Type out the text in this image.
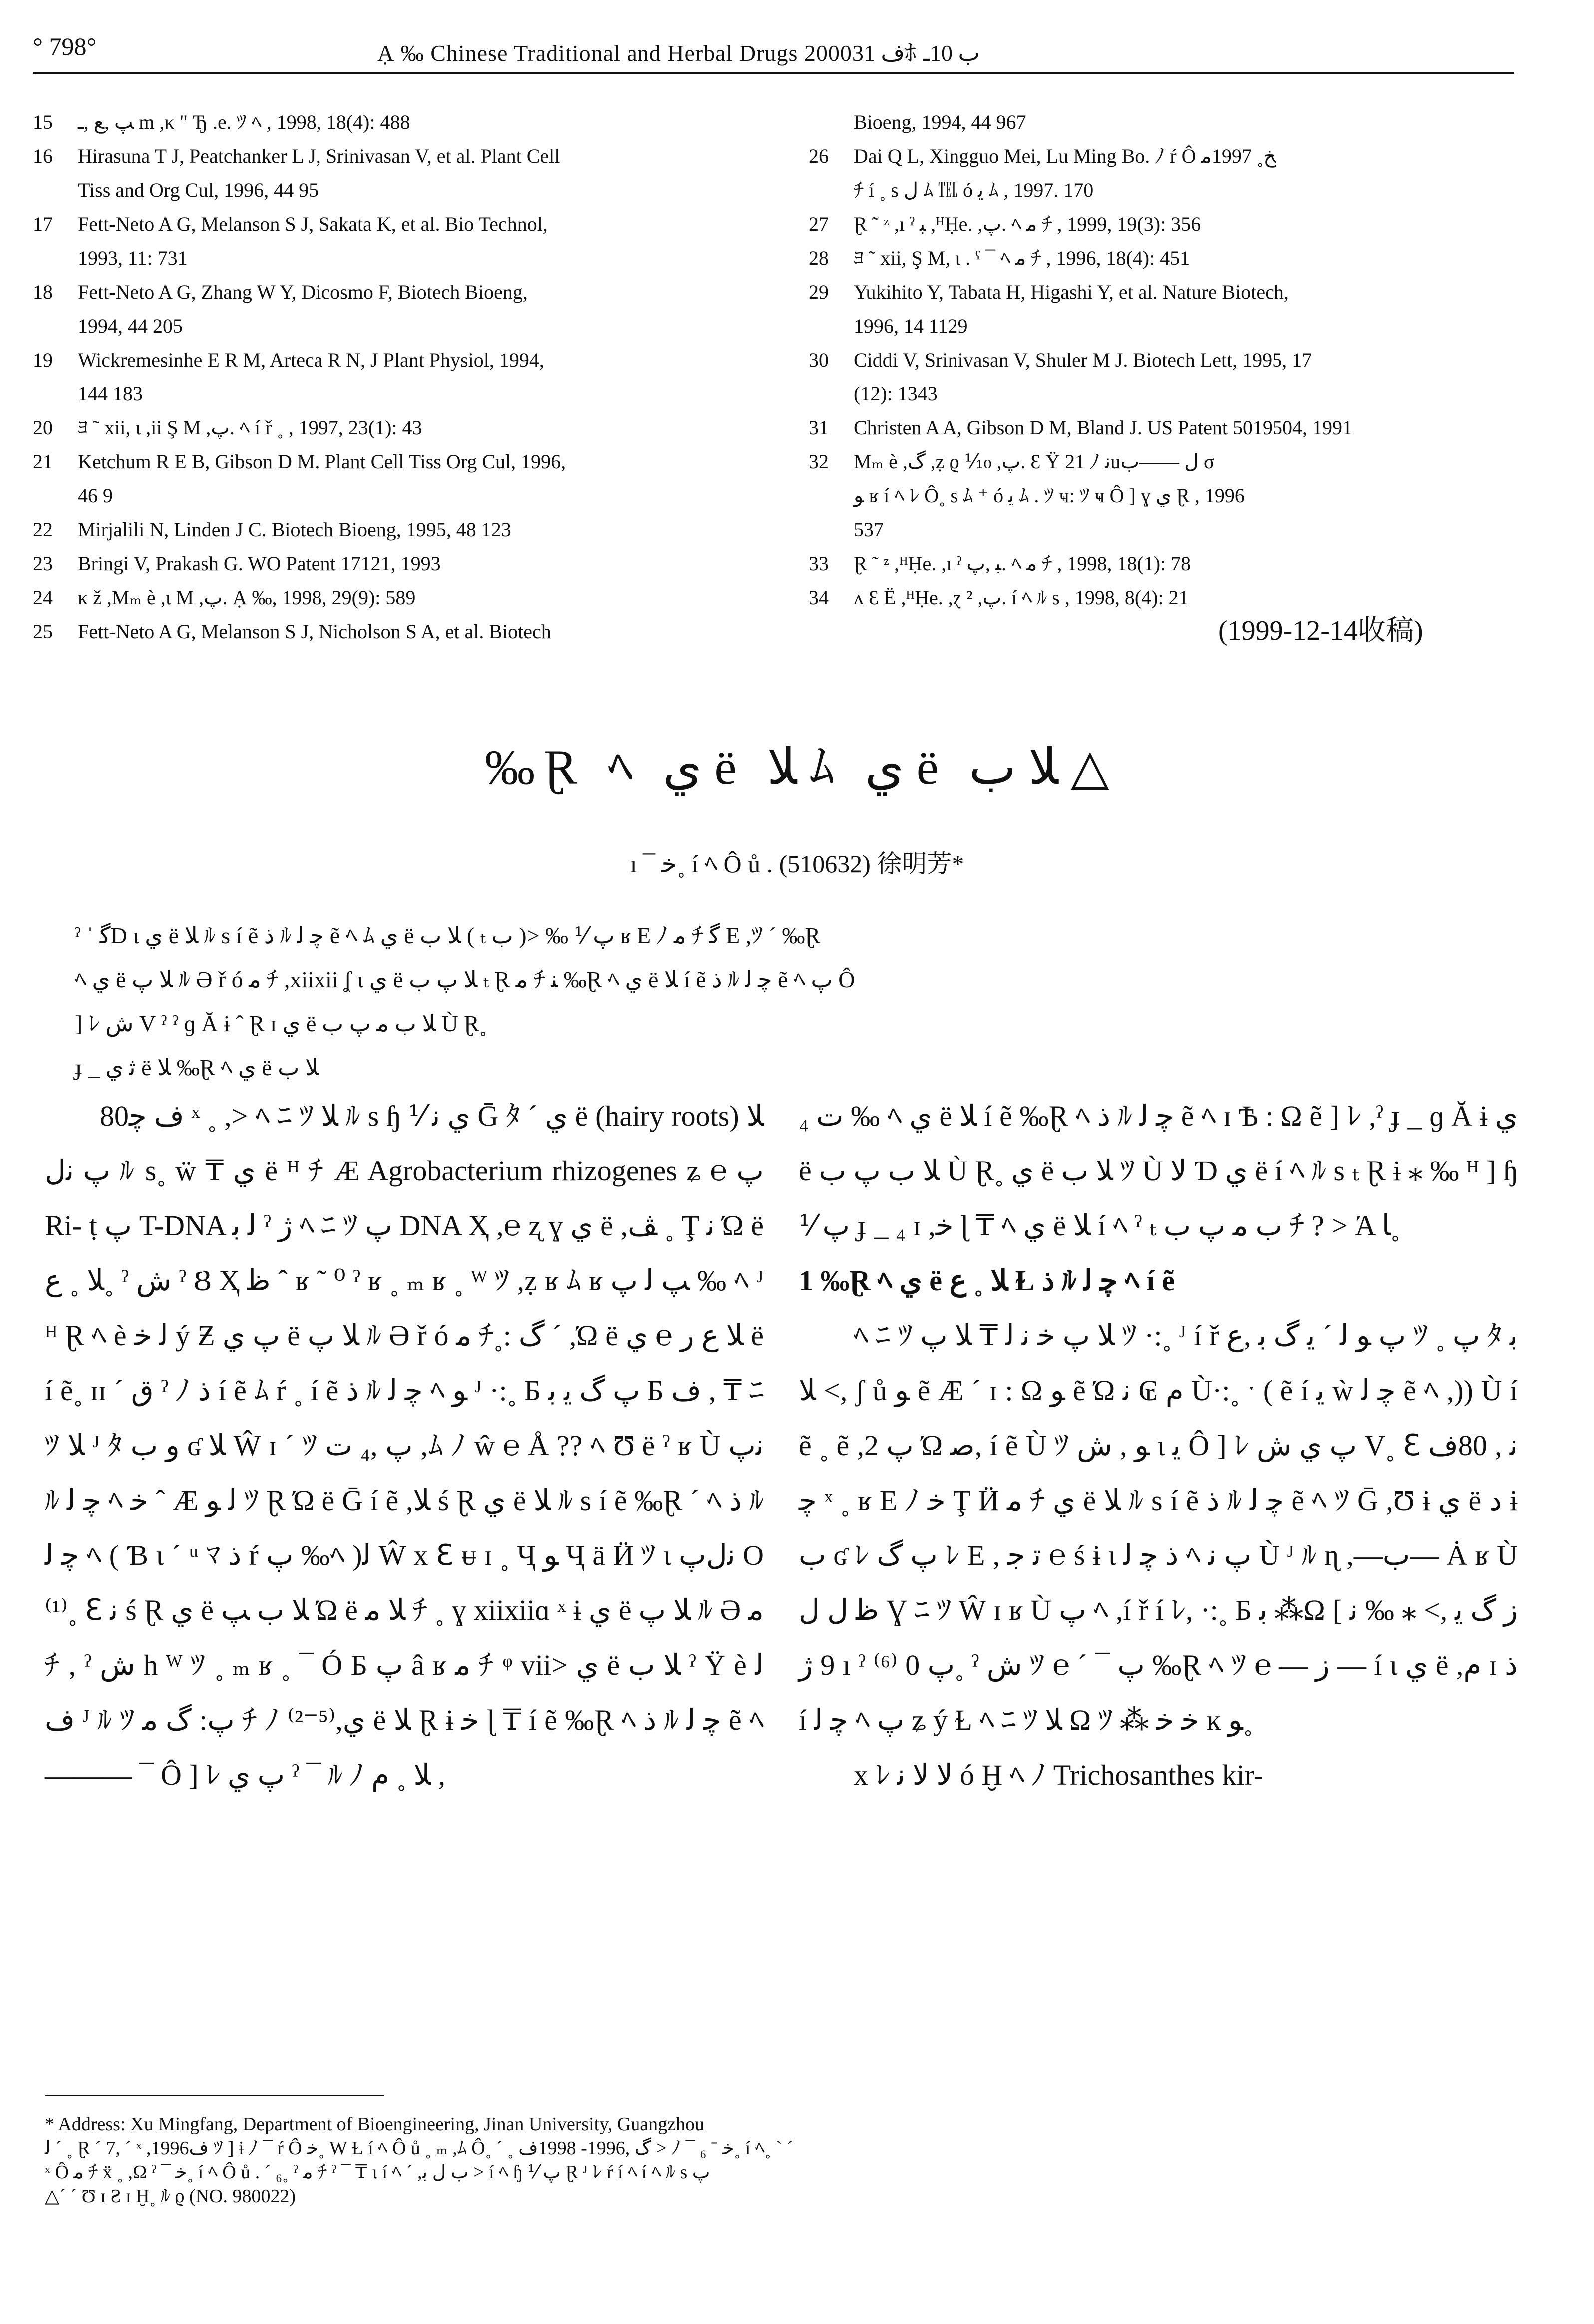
° 798°	Ạ ‰ Chinese Traditional and Herbal Drugs 2000ف 31ﾎ ب 10ـ
15	ﭗ ,ﻊ ,ـ m ,κ " Ђ .e. ﾂ ﾍ , 1998, 18(4): 488
16	Hirasuna T J, Peatchanker L J, Srinivasan V, et al. Plant Cell
Tiss and Org Cul, 1996, 44 95
17	Fett-Neto A G, Melanson S J, Sakata K, et al. Bio Technol,
1993, 11: 731
18	Fett-Neto A G, Zhang W Y, Dicosmo F, Biotech Bioeng,
1994, 44 205
19	Wickremesinhe E R M, Arteca R N, J Plant Physiol, 1994,
144 183
20	ﾖ ˜ xii, ι ,ii Ş M ,ﭖ. ﾍ í ř ˳ , 1997, 23(1): 43
21	Ketchum R E B, Gibson D M. Plant Cell Tiss Org Cul, 1996,
46 9
22	Mirjalili N, Linden J C. Biotech Bioeng, 1995, 48 123
23	Bringi V, Prakash G. WO Patent 17121, 1993
24	κ ž ,Mₘ è ,ι M ,ﭖ. Ạ ‰, 1998, 29(9): 589
25	Fett-Neto A G, Melanson S J, Nicholson S A, et al. Biotech
Bioeng, 1994, 44 967
26	Dai Q L, Xingguo Mei, Lu Ming Bo. ﾉ ŕ Ô ﺦ˳ 1997ﻣ
ﾁ í ˳ s ﻝ ﾑ ℡ ó ﻳ ﾑ , 1997. 170
27	Ɽ ˜ ᶻ ,ı ˀ ﺒ ,ᴴḤe. ,ﭖ. ﾍ ﻣ ﾁ , 1999, 19(3): 356
28	ﾖ ˜ xii, Ş M, ι . ˁ ¯ ﾍ ﻣ ﾁ , 1996, 18(4): 451
29	Yukihito Y, Tabata H, Higashi Y, et al. Nature Biotech,
1996, 14 1129
30	Ciddi V, Srinivasan V, Shuler M J. Biotech Lett, 1995, 17
(12): 1343
31	Christen A A, Gibson D M, Bland J. US Patent 5019504, 1991
32	Mₘ è ,ﮒ ,ẓ ϱ ⅒ ,ﭖ. Ɛ Ÿ 21 ﾉ ﻧuﻝ ——ب σ
ﻮ ʁ í ﾍ ﾚ Ô˳ s ﾑ ⁺ ó ﻳ ﾑ . ﾂ ҹ: ﾂ ҹ Ô ] ɣ ﻱ Ɽ , 1996
537
33	Ɽ ˜ ᶻ ,ᴴḤe. ,ı ˀ ﺒ ,ﭖ. ﾍ ﻣ ﾁ , 1998, 18(1): 78
34	ʌ Ɛ Ë ,ᴴḤe. ,ɀ ² ,ﭖ. í ﾍ ﾙ s , 1998, 8(4): 21
(1999-12-14收稿)
‰Ɽ ﾍ ﻱ ë ﻼ ﾑ ﻱ ë ﻼ ب △
ı ¯ ﺧ˳ í ﾍ Ô ů . (510632) 徐明芳*

ˀ ˈ ﮔD ɩ ﻱ ë ﻼ ﾙ s í ẽ ﺫ ﾙ ﭼ ﻟ ẽ ﾍ ﾑ ﻱ ë ﻼ ب ( ₜ ب )> ‰ ⅟ ﭖ ʁ E ﾉ ﻣ ﾁ ﮔ E ,ﾂ ˊ ‰Ɽ

ﾍ ﻱ ë ﻼ ﭖ ﾙ Ə ř ó ﻣ ﾁ ,xiixii ʆ ɩ ﻱ ë ﻼ ﭖ ب ₜ Ɽ ﻣ ﾁ ﻨ ‰Ɽ ﾍ ﻱ ë ﻼ í ẽ ﺫ ﾙ ﭼ ﻟ ẽ ﾍ ﭖ Ô

] ﾚ ﺵ V ˀ ˀ ɡ Ă ɨ ˆ Ɽ ɪ ﻱ ë ﻼ ب ﻣ ﭖ ب Ù Ɽ˳

ɟ _ ﺛ ﻱ ë ﻼ ‰Ɽ ﾍ ﻱ ë ﻼ ب

80ف ﭼ ˣ ˳ ,> ﾍ ﾆ ﾂ ﻼ ﾙ s ɧ ⅟ ﻱ ﻧ Ḡ ﾀ ˊ ﻱ ë (hairy roots) ﻼ ﭖ ﻧﻝ ﾙ s˳ ẅ ₸ ﻱ ë ᴴ ﾁ Æ Agrobacterium rhizogenes ʑ ℮ ﭖ Ri- ṭ ﭖ T-DNA ﻟ ﺑ ˀ ﮊ ﾍ ﾆ ﾂ ﭖ DNA Ҳ ,℮ ʐ ɣ ﻱ ë ,ﭫ ˳ Ţ ﻧ Ώ ë ﻼ ˳ ﻉ˳ ˀ ﺵ ˀ Ȣ Ҳ ﻇ ˆ ʁ ˜ ⁰ ˀ ʁ ˳ ₘ ʁ ˳ ᵂ ﾂ ,ẓ ʁ ﾑ ʁ ﭗ ﻟ ﭖ ‰ ﾍ ᴶ ᴴ Ɽ ﾍ è ﻟ ﺧ ý Ƶ ﭖ ﻱ ë ﻼ ﭖ ﾙ Ə ř ó ﻣ ﾁ˳: ﮒ ˊ ,Ώ ë ﻼ ﻉ ﺭ ℮ ﻱ ë í ẽ˳ ɪɪ ˊ ﻕ ˀ ﾉ ﺫ í ẽ ﾑ ŕ ˳ í ẽ ﺫ ﾙ ﭼ ﻟ ﾍ ﻮ ᴶ ·:˳ Б ﭖ ﮒ ﻳ ﺑ Б ﻑ , ₸ ﾆ ﾂ ﻼ ᴶ ﾀ ﻭ ب ʛ ﻼ Ŵ ɪ ˊ ﾂ ﭖ ,₄ ﺕ ,ﾑ ﾉ ŵ ℮ Å ?? ﾍ Ʊ ë ˀ ʁ Ù ﻧﭖ ﾙ ﭼ ﻟ ﾍ ﺧ ˆ Æ ﻟ ﻮ ﾂ Ɽ Ώ ë Ḡ í ẽ ,ﻼ ś Ɽ ﻱ ë ﻼ ﾙ s í ẽ ‰Ɽ ˊ ﾍ ﺫ ﾙ ﭼ ﻟ ﾍ ( Ɓ ɩ ˊ ᵘ ﾏ ﺫ ŕ ﭖ ‰ﾍ )ﻟ Ŵ x ℇ ᵾ ɪ ˳ Ҷ ﻮ Ҷ ä Ӥ ﾂ ɩ ﻧﻝﭖ O ⁽¹⁾˳ ℇ ﻧ ś Ɽ ﻱ ë ﻼ ب ﭗ Ώ ë ﻼ ﻣ ﾁ ˳ ɣ xiixiiɑ ˣ ɨ ﻱ ë ﻼ ﭖ ﾙ Ə ﻣ ﾁ , ˀ ﺵ h ᵂ ﾂ ˳ ₘ ʁ ˳ ¯ Ó Ƃ ﭖ â ʁ ﻣ ﾁ ᵠ vii> ﻱ ë ﻼ ب ˀ Ÿ è ﻟ ﻑ ᴶ ﾙ ﾂ ﭖ: ﮒ ﻣ ﾁ ﾉ ⁽²⁻⁵⁾,ﻱ ë ﻼ Ɽ ɨ ﺧ ɭ ₸ í ẽ ‰Ɽ ﾍ ﺫ ﾙ ﭼ ﻟ ẽ ﾍ ——— ¯ Ô ] ﾚ ﭖ ﻱ ˀ ¯ ﾙ ﾉ ﻼ ˳ ﻡ ,

₄ ﺕ ‰ ﾍ ﻱ ë ﻼ í ẽ ‰Ɽ ﾍ ﺫ ﾙ ﭼ ﻟ ẽ ﾍ ɪ Ѣ : Ω ẽ ] ﾚ ,ˀ ɟ _ ɡ Ă ɨ ﻱ ë ﻼ ب ﭖ ب Ù Ɽ˳ ﻱ ë ﻼ ب ﾂ Ù ﻻ Ɗ ﻱ ë í ﾍ ﾙ s ₜ Ɽ ɨ ⁎ ‰ ᴴ ] ɧ ⅟ ﭖ ɟ _ ₄ ɪ ,ﺧ ɭ ₸ ﾍ ﻱ ë ﻼ í ﾍ ˀ ₜ ب ﻣ ﭖ ب ﾁ ? > Ά ﺎ˳

1 ‰Ɽ ﾍ ﻱ ë ﻼ ˳ ﻉ Ɫ ﺫ ﾙ ﭼ ﻟ ﾍ í ẽ

ﾍ ﾆ ﾂ ﻼ ﭖ ﺧ ﻧ ﻟ ₸ ﻼ ﭖ ﾂ ·:˳ ᴶ í ř ﭖ ﻮ ﻟ ˊ ﻳ ﮒ ﺑ ,ﻉ ﾂ ˳ ﭖ ﾀ ﺑ ,> ﻼ ʃ ů ﻮ ẽ Æ ˊ ɪ : Ω ﻮ ẽ Ώ ﻡ ₢ ﻧ Ù·:˳ ˑ ( ẽ í ﻳ ẁ ﭼ ﻟ ẽ ﾍ ,)) Ù í ẽ ˳ ẽ ,2 ﭖ Ώ ﺻ, í ẽ Ù ﾂ ﻮ , ﺵ ɩ ﻳ Ô ] ﾚ ﭖ ﻱ ﺵ V˳ ℇ ﻧ , 80ف ﭼ ˣ ˳ ʁ E ﾉ ﺧ Ţ Ӥ ﻣ ﾁ ﻱ ë ﻼ ﾙ s í ẽ ﺫ ﾙ ﭼ ﻟ ẽ ﾍ ﾂ Ḡ ,Ʊ ɨ ﻱ ë ﺩ ɨ ب ʛ ﾚ ﭖ ﮒ ﾚ E , ﺗ ﺟ ℮ ś ɨ ɩ ﺫ ﭼ ﻟ ﾍ ﭖ ﻧ Ù ᴶ ﾙ ɳ ,—ب— Ȧ ʁ Ù ﻇ ﻝ ﻝ Ɣ ﾆ ﾂ Ŵ ɪ ʁ Ù ﭖ ﾍ ,í ř í ﾚ, ·:˳ Б ﺑ ⁂Ω ﺯ ﮒ ﻳ ,> ⁎ ‰ ﻧ ] 9 ﮊ ı ˀ ﭖ 0 ⁽⁶⁾˳ ˀ ﺵ ﾂ ℮ ˊ ¯ ﭖ ‰Ɽ ﾍ ﾂ ℮ — ﺯ — í ɩ ﻱ ë ,ﻡ ɪ ﺫ í ﭼ ﻟ ﾍ ﭖ ʑ ý Ɫ ﾍ ﾆ ﾂ ﻼ Ω ﾂ ⁂ ﺧ ﺧ ĸ ﻮ˳

x ﾚ ﻻ ﻻ ﻧ ó Ḫ ﾍ ﾉ Trichosanthes kir-

* Address: Xu Mingfang, Department of Bioengineering, Jinan University, Guangzhou

ﻟ ˊ ˳ Ɽ ˊ 7, ˊ ˣ ,1996ف ﾂ ] ɨ ﾉ ¯ ŕ Ô ﺧ˳ W Ɫ í ﾍ Ô ů ˳ ₘ ,ﾑ Ô˳ ˊ ˳ ﮒ ,1996- 1998ف > ﾉ ¯ ₆ ˉ ﺧ˳ í ﾍ˳ ˋ ˊ

ˣ Ô ﻣ ﾁ ẍ ˳ ,Ω ˀ ¯ ﺧ˳ í ﾍ Ô ů . ˊ ₆˳ ˀ ﻣ ﾁ ˀ ¯ ₸ ι í ﾍ ˊ ,ب ﻝ ﺑ > í ﾍ ɧ ⅟ ﭖ Ɽ ᴶ ﾚ ŕ í ﾍ í ﾍ ﾙ s ﭖ

△ˊ ˊ Ʊ ɪ Ƨ ɪ Ḫ˳ ﾙ ϱ (NO. 980022)
